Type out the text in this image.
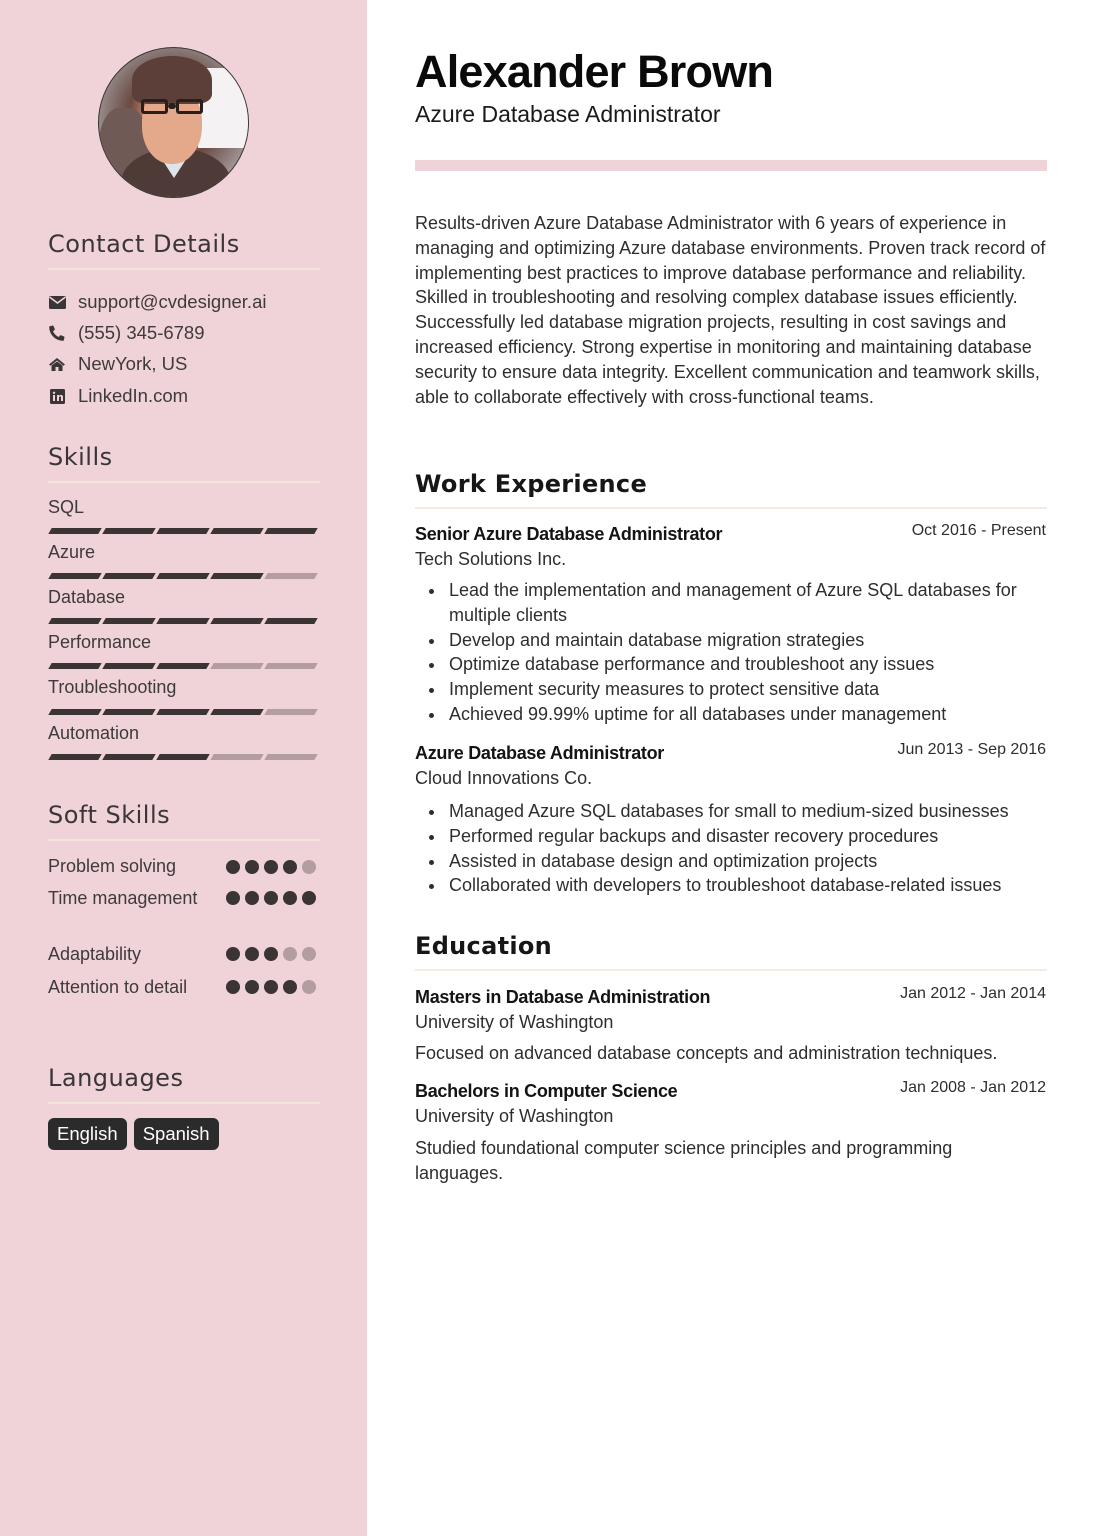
Contact Details
support@cvdesigner.ai
(555) 345-6789
NewYork, US
LinkedIn.com
Skills
SQL
Azure
Database
Performance
Troubleshooting
Automation
Soft Skills
Problem solving
Time management
Adaptability
Attention to detail
Languages
English	Spanish
Alexander Brown
Azure Database Administrator

Results-driven Azure Database Administrator with 6 years of experience in managing and optimizing Azure database environments. Proven track record of implementing best practices to improve database performance and reliability. Skilled in troubleshooting and resolving complex database issues efficiently. Successfully led database migration projects, resulting in cost savings and increased efficiency. Strong expertise in monitoring and maintaining database security to ensure data integrity. Excellent communication and teamwork skills, able to collaborate effectively with cross-functional teams.

Work Experience
Senior Azure Database Administrator	Oct 2016 - Present
Tech Solutions Inc.
Lead the implementation and management of Azure SQL databases for multiple clients
Develop and maintain database migration strategies
Optimize database performance and troubleshoot any issues
Implement security measures to protect sensitive data
Achieved 99.99% uptime for all databases under management
Azure Database Administrator	Jun 2013 - Sep 2016
Cloud Innovations Co.
Managed Azure SQL databases for small to medium-sized businesses
Performed regular backups and disaster recovery procedures
Assisted in database design and optimization projects
Collaborated with developers to troubleshoot database-related issues
Education
Masters in Database Administration	Jan 2012 - Jan 2014
University of Washington
Focused on advanced database concepts and administration techniques.
Bachelors in Computer Science	Jan 2008 - Jan 2012
University of Washington
Studied foundational computer science principles and programming languages.
